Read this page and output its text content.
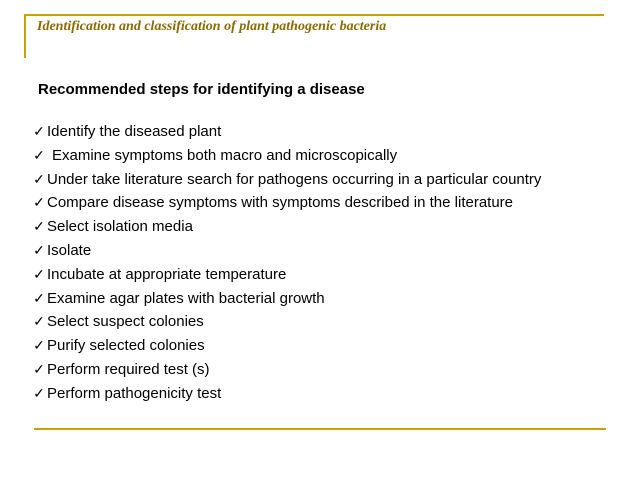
Identification and classification of plant pathogenic bacteria
Recommended steps for identifying a disease
✓ Identify the diseased plant
✓ Examine symptoms both macro and microscopically
✓ Under take literature search for pathogens occurring in a particular country
✓ Compare disease symptoms with symptoms described in the literature
✓ Select isolation media
✓ Isolate
✓ Incubate at appropriate temperature
✓ Examine agar plates with bacterial growth
✓ Select suspect colonies
✓ Purify selected colonies
✓ Perform required test (s)
✓ Perform pathogenicity test
